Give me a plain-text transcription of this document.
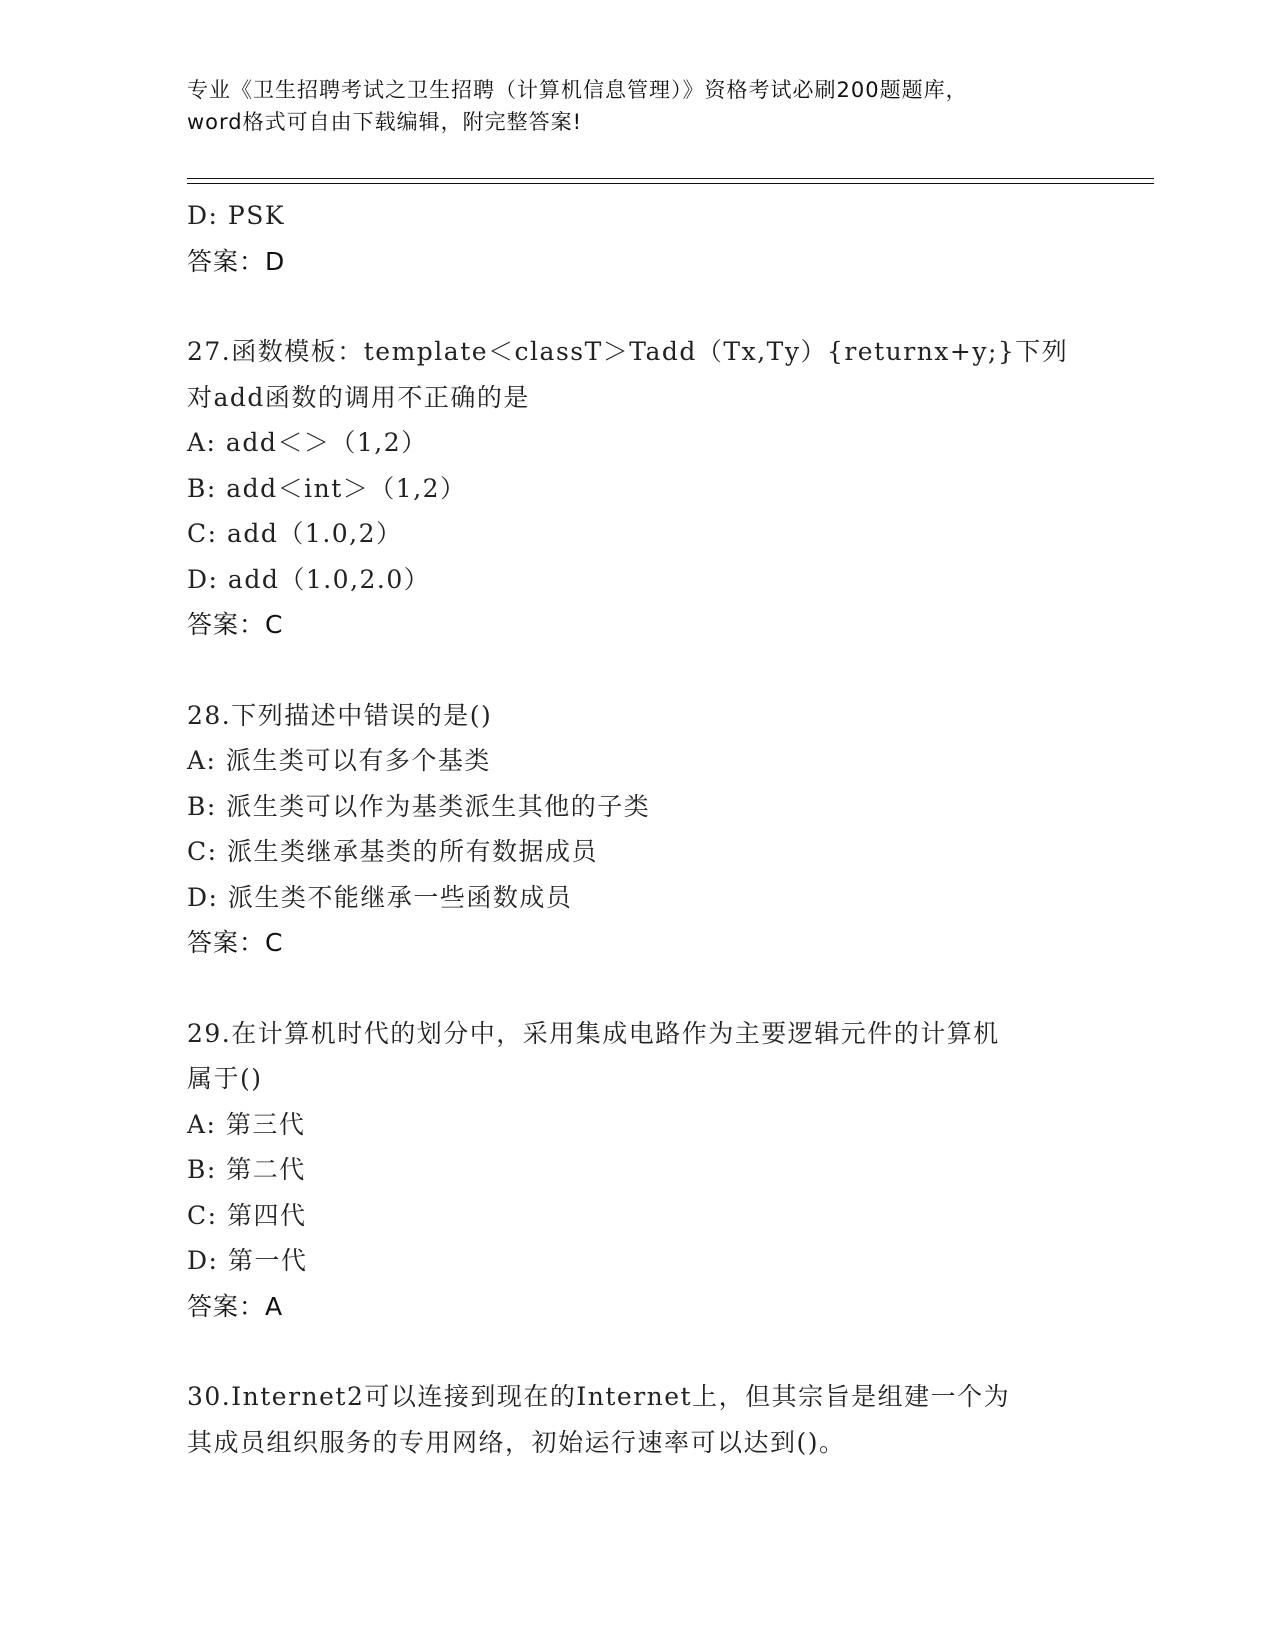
专业《卫生招聘考试之卫生招聘（计算机信息管理）》资格考试必刷200题题库，
word格式可自由下载编辑，附完整答案!
D: PSK
答案：D
27.函数模板：template＜classT＞Tadd（Tx,Ty）{returnx+y;}下列
对add函数的调用不正确的是
A: add＜＞（1,2）
B: add＜int＞（1,2）
C: add（1.0,2）
D: add（1.0,2.0）
答案：C
28.下列描述中错误的是()
A: 派生类可以有多个基类
B: 派生类可以作为基类派生其他的子类
C: 派生类继承基类的所有数据成员
D: 派生类不能继承一些函数成员
答案：C
29.在计算机时代的划分中，采用集成电路作为主要逻辑元件的计算机
属于()
A: 第三代
B: 第二代
C: 第四代
D: 第一代
答案：A
30.Internet2可以连接到现在的Internet上，但其宗旨是组建一个为
其成员组织服务的专用网络，初始运行速率可以达到()。
